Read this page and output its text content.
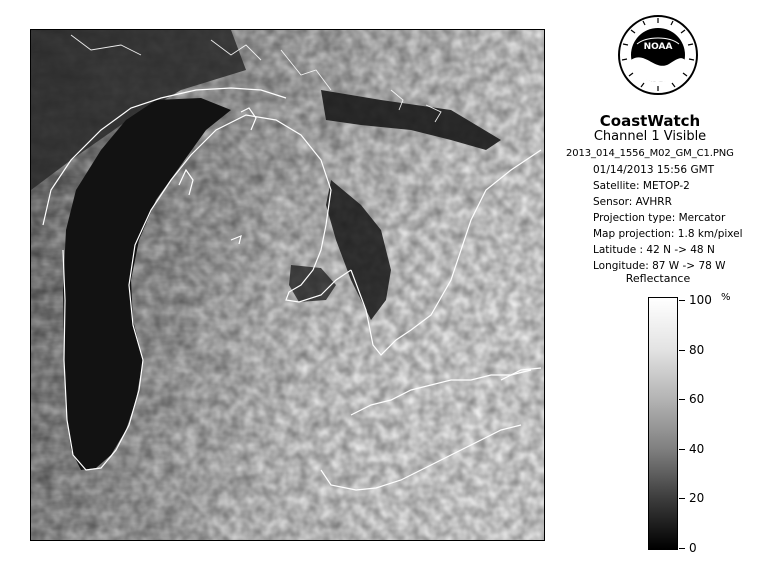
NOAA
CoastWatch
Channel 1 Visible
2013_014_1556_M02_GM_C1.PNG
01/14/2013 15:56 GMT
Satellite: METOP-2
Sensor: AVHRR
Projection type: Mercator
Map projection: 1.8 km/pixel
Latitude : 42 N -> 48 N
Longitude: 87 W -> 78 W
Reflectance
%
100
80
60
40
20
0
